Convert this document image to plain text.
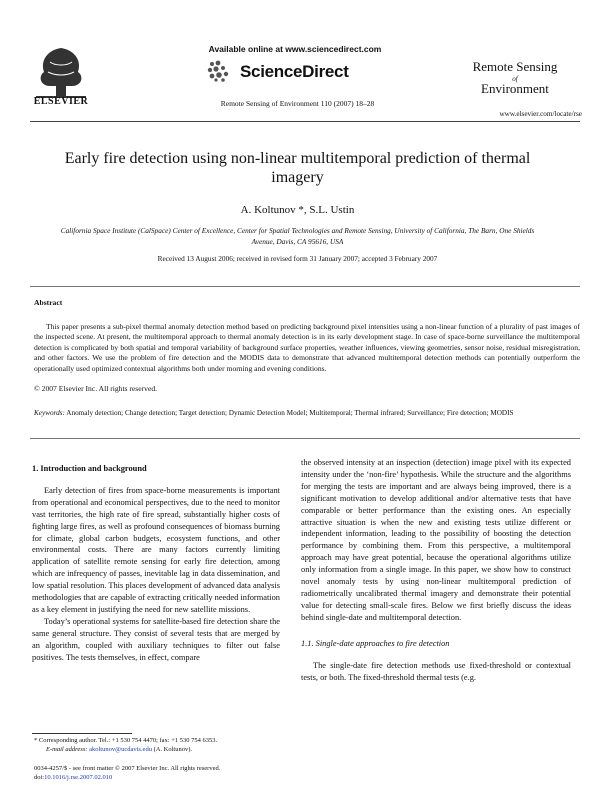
ELSEVIER
Available online at www.sciencedirect.com
ScienceDirect
Remote Sensing of Environment 110 (2007) 18–28
Remote Sensing
of
Environment
www.elsevier.com/locate/rse
Early fire detection using non-linear multitemporal prediction of thermal imagery
A. Koltunov *, S.L. Ustin
California Space Institute (CalSpace) Center of Excellence, Center for Spatial Technologies and Remote Sensing, University of California, The Barn, One Shields Avenue, Davis, CA 95616, USA
Received 13 August 2006; received in revised form 31 January 2007; accepted 3 February 2007
Abstract
This paper presents a sub-pixel thermal anomaly detection method based on predicting background pixel intensities using a non-linear function of a plurality of past images of the inspected scene. At present, the multitemporal approach to thermal anomaly detection is in its early development stage. In case of space-borne surveillance the multitemporal detection is complicated by both spatial and temporal variability of background surface properties, weather influences, viewing geometries, sensor noise, residual misregistration, and other factors. We use the problem of fire detection and the MODIS data to demonstrate that advanced multitemporal detection methods can potentially outperform the operationally used optimized contextual algorithms both under morning and evening conditions.
© 2007 Elsevier Inc. All rights reserved.
Keywords: Anomaly detection; Change detection; Target detection; Dynamic Detection Model; Multitemporal; Thermal infrared; Surveillance; Fire detection; MODIS
1. Introduction and background

Early detection of fires from space-borne measurements is important from operational and economical perspectives, due to the need to monitor vast territories, the high rate of fire spread, substantially higher costs of fighting large fires, as well as profound consequences of biomass burning for climate, global carbon budgets, ecosystem functions, and other environmental costs. There are many factors currently limiting application of satellite remote sensing for early fire detection, among which are infrequency of passes, inevitable lag in data dissemination, and low spatial resolution. This places development of advanced data analysis methodologies that are capable of extracting critically needed information as a key element in justifying the need for new satellite missions.

Today’s operational systems for satellite-based fire detection share the same general structure. They consist of several tests that are merged by an algorithm, coupled with auxiliary techniques to filter out false positives. The tests themselves, in effect, compare

the observed intensity at an inspection (detection) image pixel with its expected intensity under the ‘non-fire’ hypothesis. While the structure and the algorithms for merging the tests are important and are always being improved, there is a significant motivation to develop additional and/or alternative tests that have comparable or better performance than the existing ones. An especially attractive situation is when the new and existing tests utilize different or independent information, leading to the possibility of boosting the detection performance by combining them. From this perspective, a multitemporal approach may have great potential, because the operational algorithms utilize only information from a single image. In this paper, we show how to construct novel anomaly tests by using non-linear multitemporal prediction of radiometrically uncalibrated thermal imagery and demonstrate their potential value for detecting small-scale fires. Below we first briefly discuss the ideas behind single-date and multitemporal detection.

1.1. Single-date approaches to fire detection

The single-date fire detection methods use fixed-threshold or contextual tests, or both. The fixed-threshold thermal tests (e.g.

* Corresponding author. Tel.: +1 530 754 4470; fax: +1 530 754 6353.
E-mail address: akoltunov@ucdavis.edu (A. Koltunov).
0034-4257/$ - see front matter © 2007 Elsevier Inc. All rights reserved.
doi:10.1016/j.rse.2007.02.010
